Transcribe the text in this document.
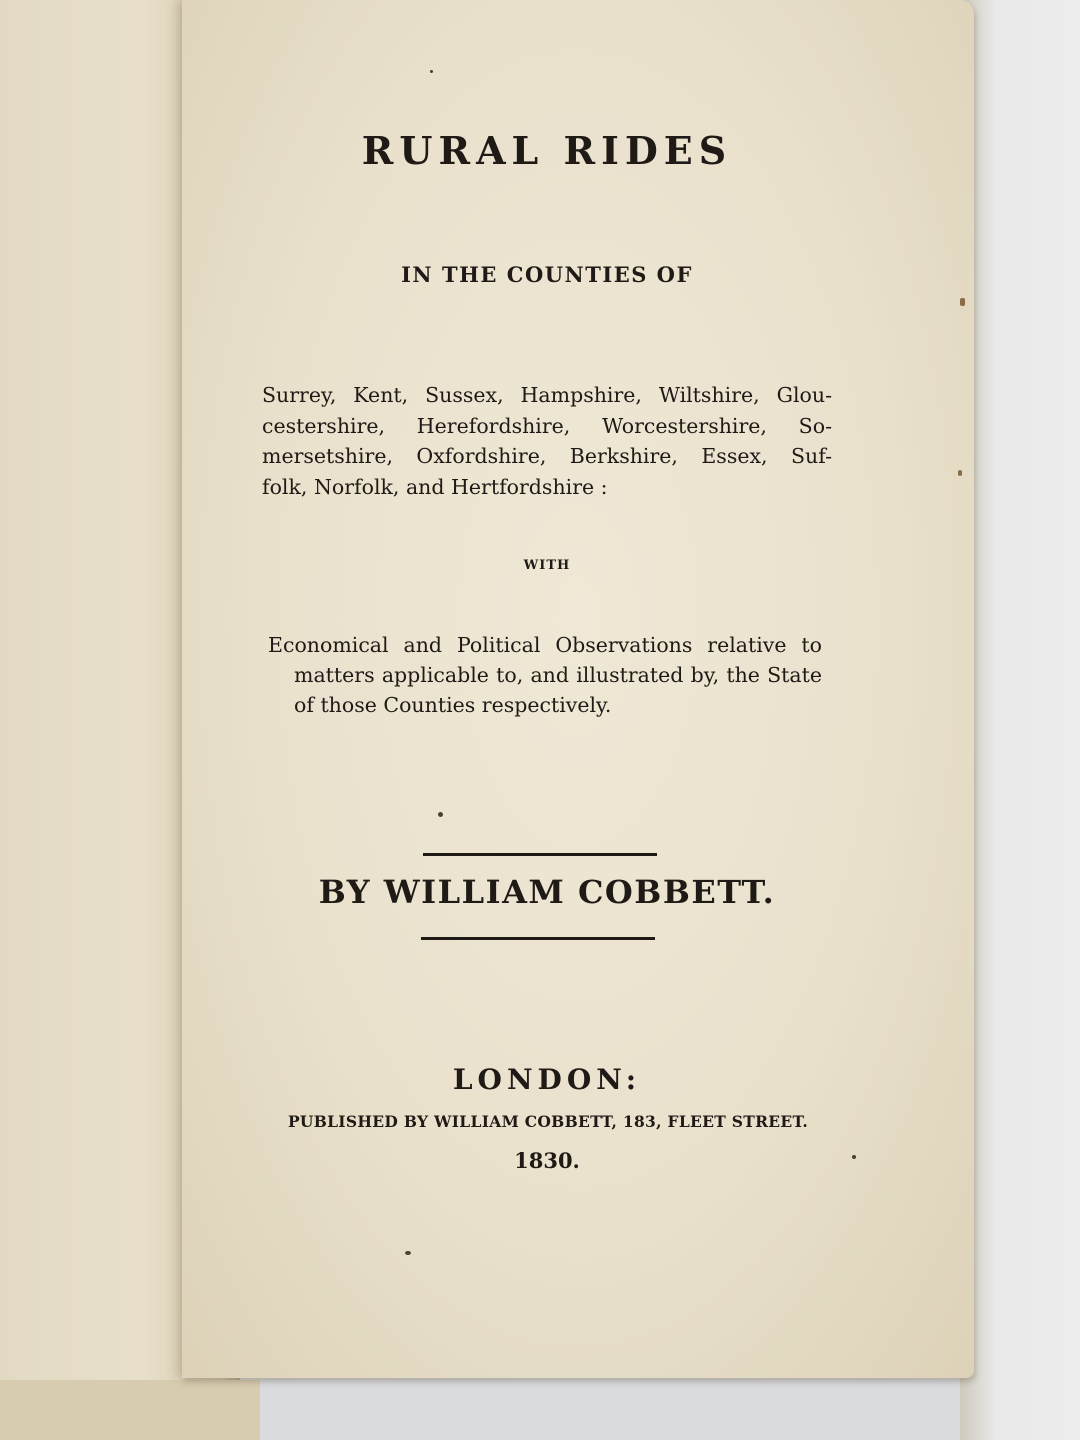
RURAL RIDES
IN THE COUNTIES OF
Surrey, Kent, Sussex, Hampshire, Wiltshire, Glou-
cestershire, Herefordshire, Worcestershire, So-
mersetshire, Oxfordshire, Berkshire, Essex, Suf-
folk, Norfolk, and Hertfordshire :
WITH
Economical and Political Observations relative to
matters applicable to, and illustrated by, the State
of those Counties respectively.
BY WILLIAM COBBETT.
LONDON:
PUBLISHED BY WILLIAM COBBETT, 183, FLEET STREET.
1830.
